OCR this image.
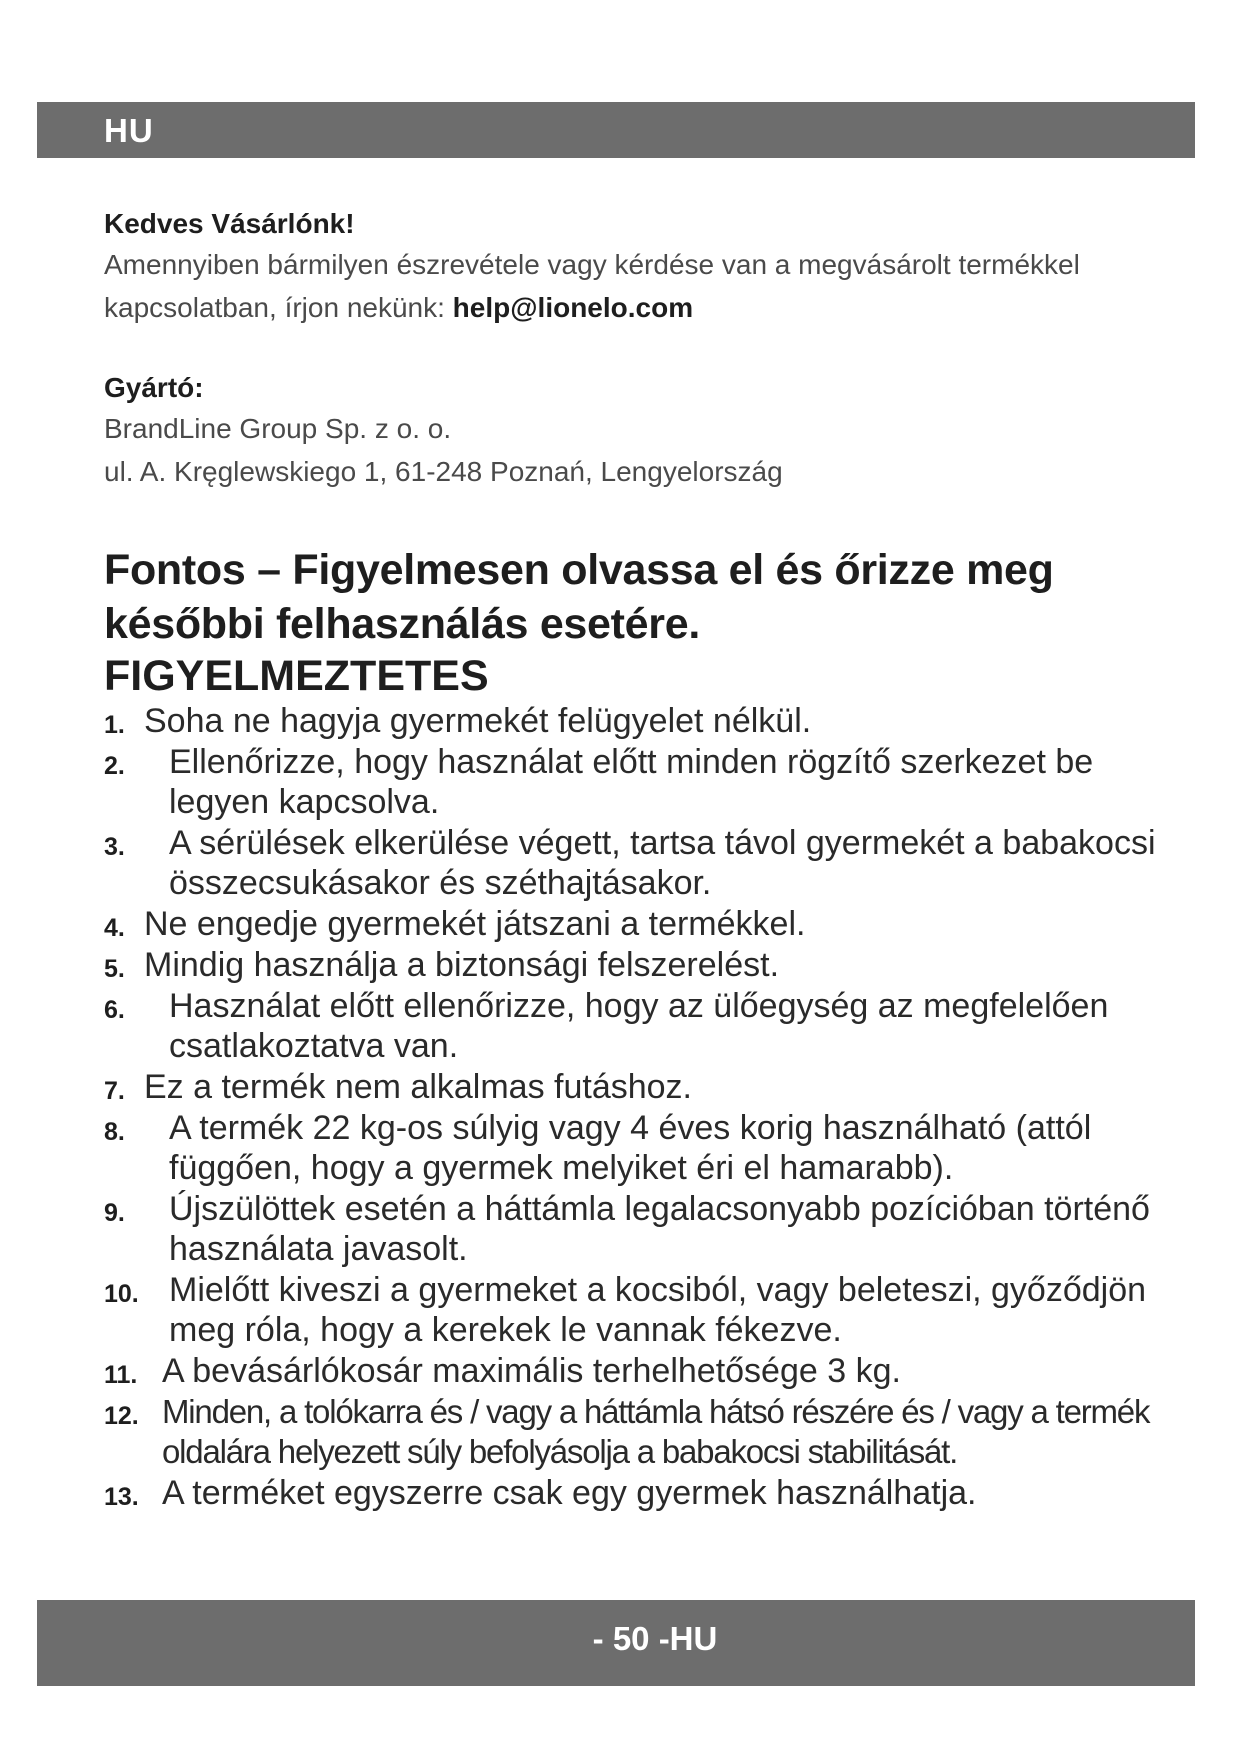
HU

Kedves Vásárlónk!

Amennyiben bármilyen észrevétele vagy kérdése van a megvásárolt termékkel

kapcsolatban, írjon nekünk: help@lionelo.com

Gyártó:

BrandLine Group Sp. z o. o.

ul. A. Kręglewskiego 1, 61-248 Poznań, Lengyelország

Fontos – Figyelmesen olvassa el és őrizze meg

későbbi felhasználás esetére.

FIGYELMEZTETES

1. Soha ne hagyja gyermekét felügyelet nélkül.
2.	Ellenőrizze, hogy használat előtt minden rögzítő szerkezet be legyen kapcsolva.
3.	A sérülések elkerülése végett, tartsa távol gyermekét a babakocsi összecsukásakor és széthajtásakor.
4. Ne engedje gyermekét játszani a termékkel.
5. Mindig használja a biztonsági felszerelést.
6.	Használat előtt ellenőrizze, hogy az ülőegység az megfelelően csatlakoztatva van.
7. Ez a termék nem alkalmas futáshoz.
8.	A termék 22 kg-os súlyig vagy 4 éves korig használható (attól függően, hogy a gyermek melyiket éri el hamarabb).
9.	Újszülöttek esetén a háttámla legalacsonyabb pozícióban történő használata javasolt.
10. Mielőtt kiveszi a gyermeket a kocsiból, vagy beleteszi, győződjön meg róla, hogy a kerekek le vannak fékezve.
11. A bevásárlókosár maximális terhelhetősége 3 kg.
12. Minden, a tolókarra és / vagy a háttámla hátsó részére és / vagy a termék oldalára helyezett súly befolyásolja a babakocsi stabilitását.
13. A terméket egyszerre csak egy gyermek használhatja.
- 50 -HU
